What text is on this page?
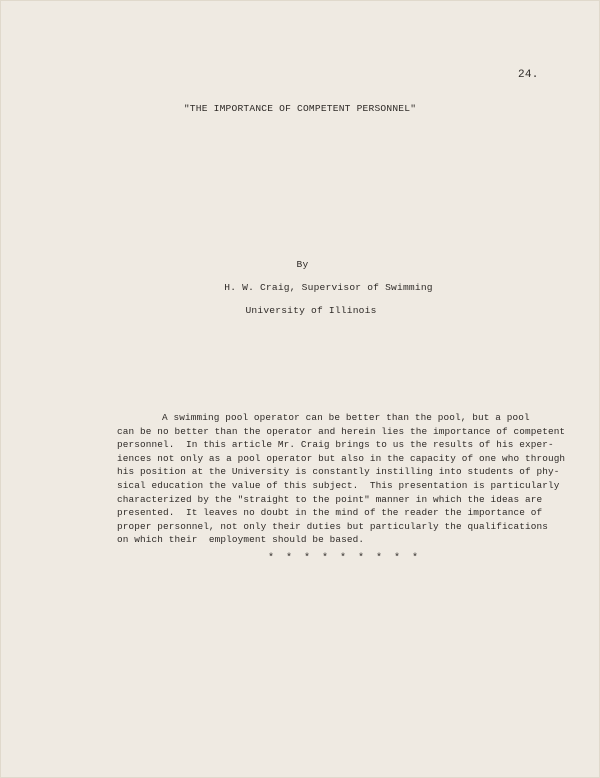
24.
"THE IMPORTANCE OF COMPETENT PERSONNEL"
By
H. W. Craig, Supervisor of Swimming
University of Illinois
A swimming pool operator can be better than the pool, but a pool
can be no better than the operator and herein lies the importance of competent
personnel.  In this article Mr. Craig brings to us the results of his exper-
iences not only as a pool operator but also in the capacity of one who through
his position at the University is constantly instilling into students of phy-
sical education the value of this subject.  This presentation is particularly
characterized by the "straight to the point" manner in which the ideas are
presented.  It leaves no doubt in the mind of the reader the importance of
proper personnel, not only their duties but particularly the qualifications
on which their  employment should be based.
* * * * * * * * *
